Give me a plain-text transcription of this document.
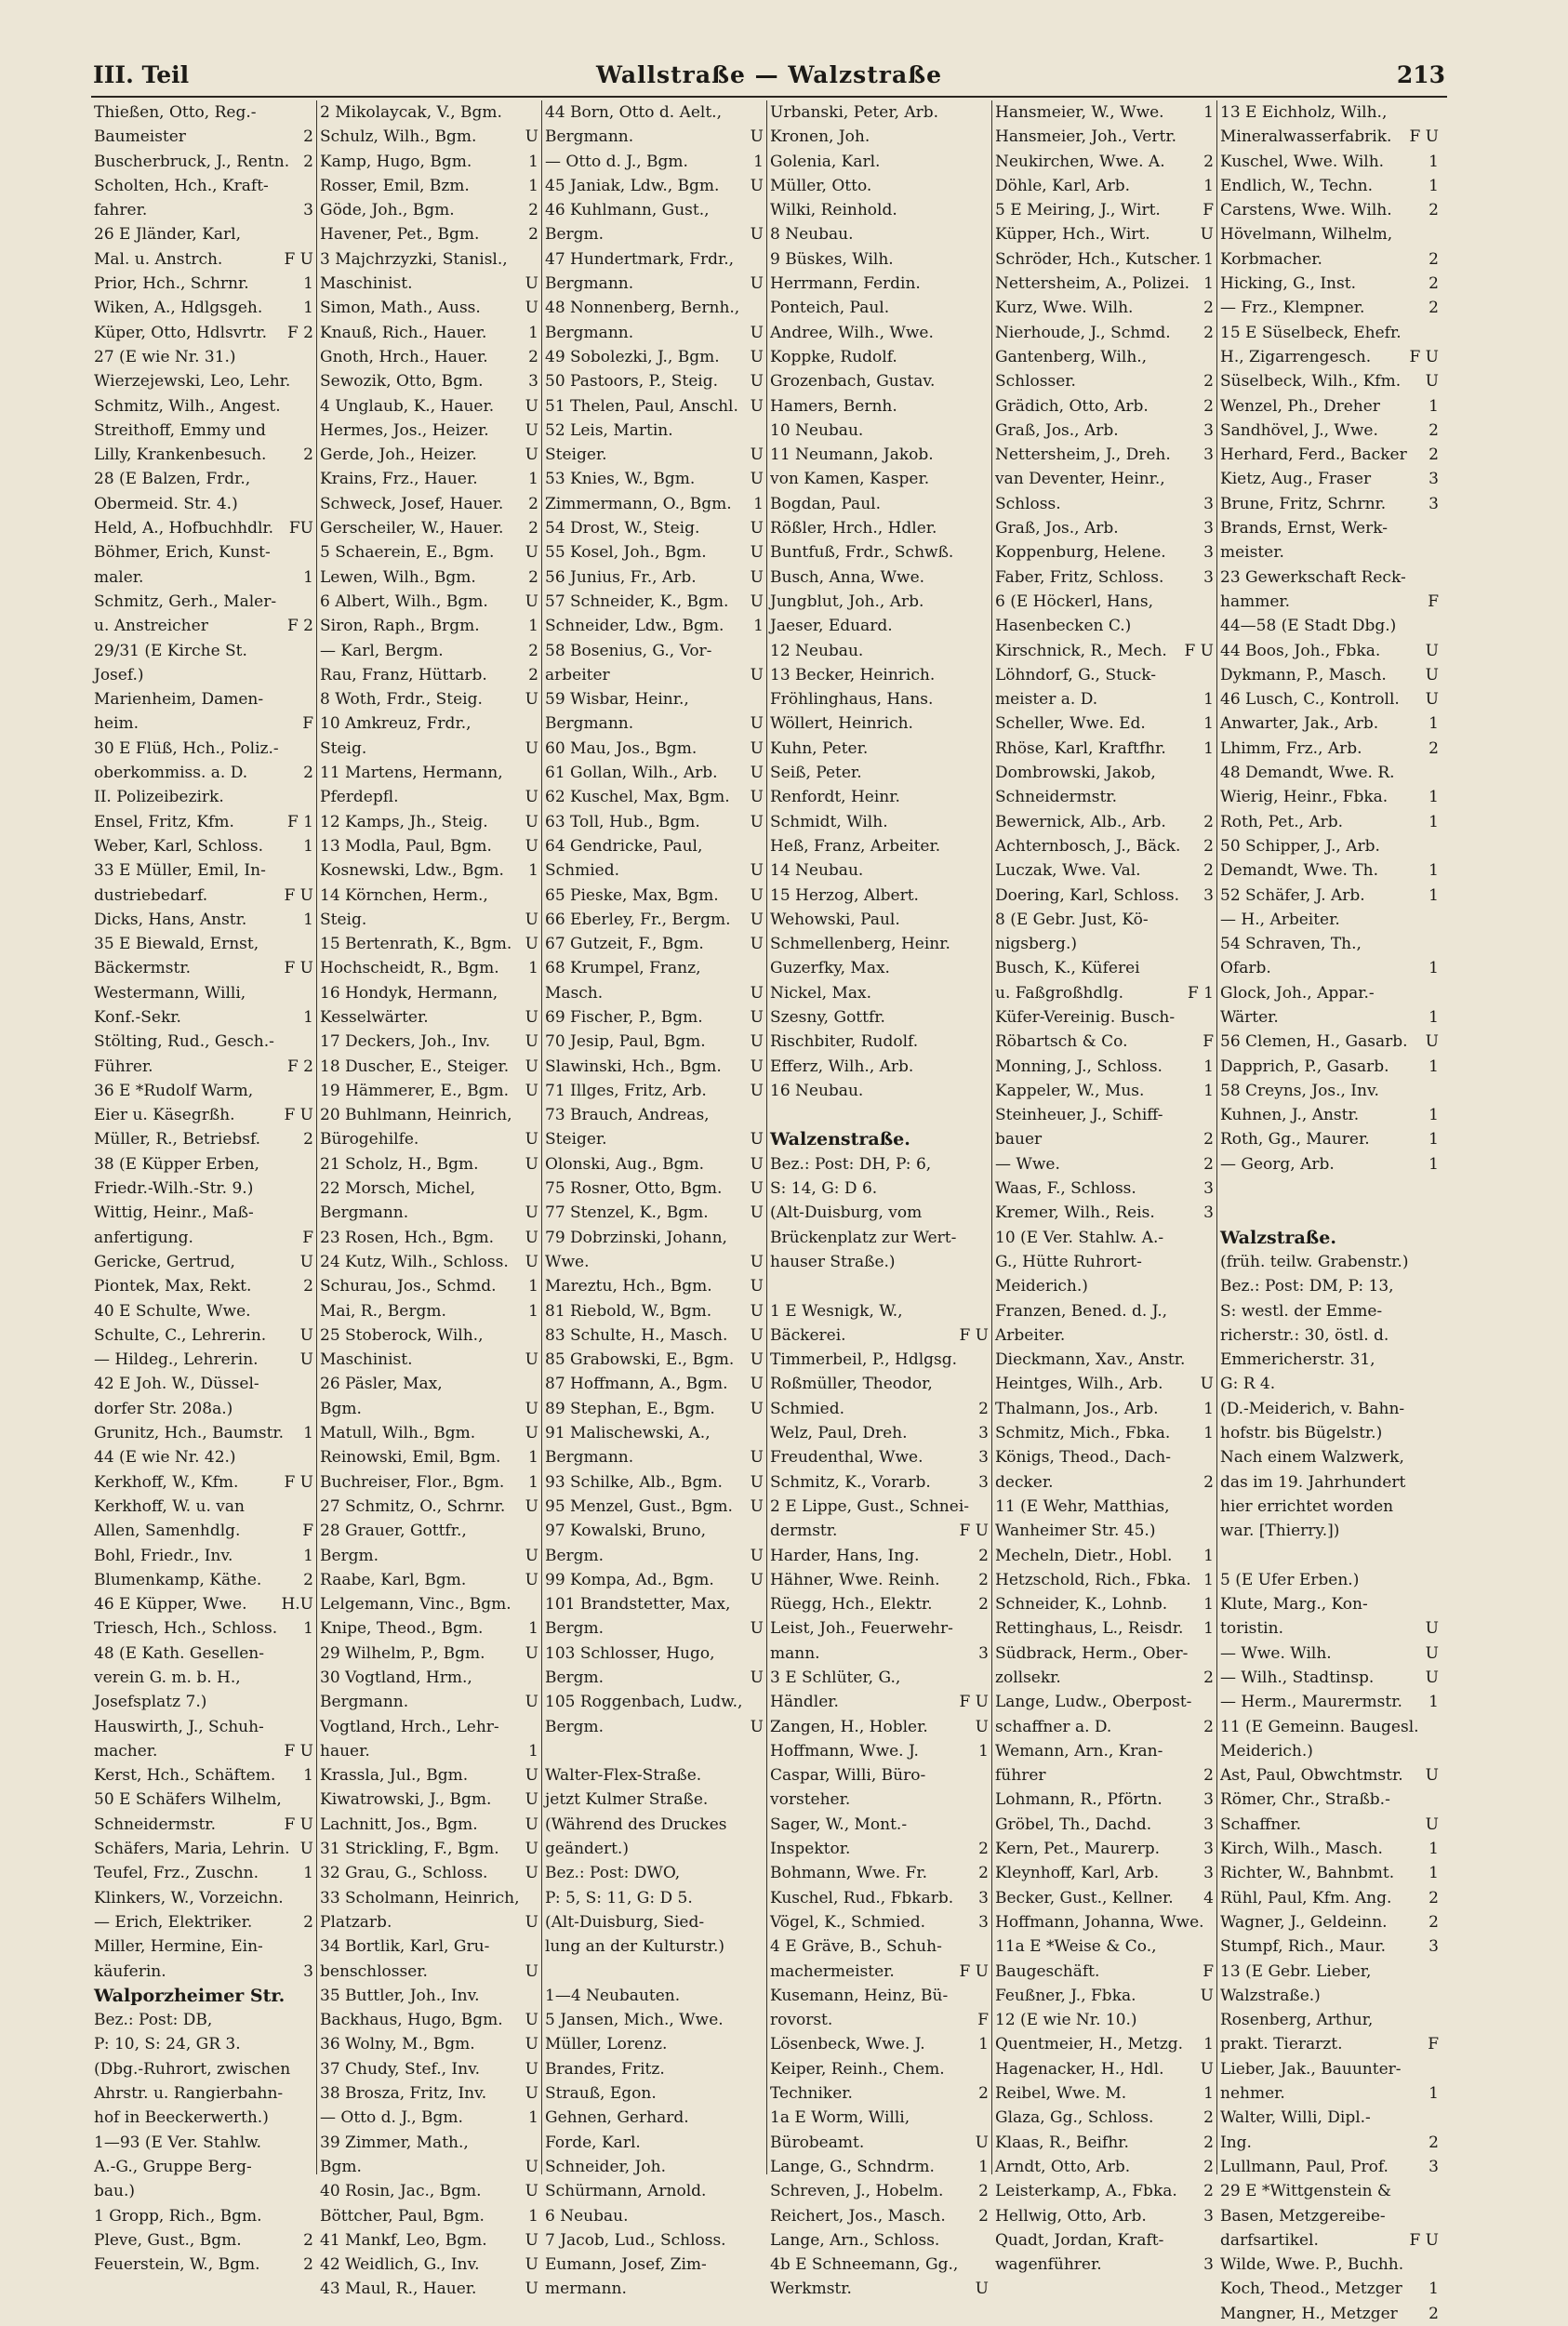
III. Teil	Wallstraße — Walzstraße	213
Thießen, Otto, Reg.-
Baumeister	2
Buscherbruck, J., Rentn. 2
Scholten, Hch., Kraft-
fahrer.	3
26 E Jländer, Karl,
Mal. u. Anstrch.	F U
Prior, Hch., Schrnr.	1
Wiken, A., Hdlgsgeh.	1
Küper, Otto, Hdlsvrtr.	F 2
27 (E wie Nr. 31.)
Wierzejewski, Leo, Lehr.
Schmitz, Wilh., Angest.
Streithoff, Emmy und
Lilly, Krankenbesuch.	2
28 (E Balzen, Frdr.,
Obermeid. Str. 4.)
Held, A., Hofbuchhdlr. FU
Böhmer, Erich, Kunst-
maler.	1
Schmitz, Gerh., Maler-
u. Anstreicher	F 2
29/31 (E Kirche St.
Josef.)
Marienheim, Damen-
heim.	F
30 E Flüß, Hch., Poliz.-
oberkommiss. a. D.	2
II. Polizeibezirk.
Ensel, Fritz, Kfm.	F 1
Weber, Karl, Schloss.	1
33 E Müller, Emil, In-
dustriebedarf.	F U
Dicks, Hans, Anstr.	1
35 E Biewald, Ernst,
Bäckermstr.	F U
Westermann, Willi,
Konf.-Sekr.	1
Stölting, Rud., Gesch.-
Führer.	F 2
36 E *Rudolf Warm,
Eier u. Käsegrßh.	F U
Müller, R., Betriebsf.	2
38 (E Küpper Erben,
Friedr.-Wilh.-Str. 9.)
Wittig, Heinr., Maß-
anfertigung.	F
Gericke, Gertrud,	U
Piontek, Max, Rekt.	2
40 E Schulte, Wwe.
Schulte, C., Lehrerin.	U
— Hildeg., Lehrerin.	U
42 E Joh. W., Düssel-
dorfer Str. 208a.)
Grunitz, Hch., Baumstr.	1
44 (E wie Nr. 42.)
Kerkhoff, W., Kfm.	F U
Kerkhoff, W. u. van
Allen, Samenhdlg.	F
Bohl, Friedr., Inv.	1
Blumenkamp, Käthe.	2
46 E Küpper, Wwe.	H.U
Triesch, Hch., Schloss.	1
48 (E Kath. Gesellen-
verein G. m. b. H.,
Josefsplatz 7.)
Hauswirth, J., Schuh-
macher.	F U
Kerst, Hch., Schäftem.	1
50 E Schäfers Wilhelm,
Schneidermstr.	F U
Schäfers, Maria, Lehrin. U
Teufel, Frz., Zuschn.	1
Klinkers, W., Vorzeichn.
— Erich, Elektriker.	2
Miller, Hermine, Ein-
käuferin.	3
Walporzheimer Str.
Bez.: Post: DB,
P: 10, S: 24, GR 3.
(Dbg.-Ruhrort, zwischen
Ahrstr. u. Rangierbahn-
hof in Beeckerwerth.)
1—93 (E Ver. Stahlw.
A.-G., Gruppe Berg-
bau.)
1 Gropp, Rich., Bgm.
Pleve, Gust., Bgm.	2
Feuerstein, W., Bgm.	2
2 Mikolaycak, V., Bgm.
Schulz, Wilh., Bgm.	U
Kamp, Hugo, Bgm.	1
Rosser, Emil, Bzm.	1
Göde, Joh., Bgm.	2
Havener, Pet., Bgm.	2
3 Majchrzyzki, Stanisl.,
Maschinist.	U
Simon, Math., Auss.	U
Knauß, Rich., Hauer.	1
Gnoth, Hrch., Hauer.	2
Sewozik, Otto, Bgm.	3
4 Unglaub, K., Hauer.	U
Hermes, Jos., Heizer.	U
Gerde, Joh., Heizer.	U
Krains, Frz., Hauer.	1
Schweck, Josef, Hauer.	2
Gerscheiler, W., Hauer.	2
5 Schaerein, E., Bgm.	U
Lewen, Wilh., Bgm.	2
6 Albert, Wilh., Bgm.	U
Siron, Raph., Brgm.	1
— Karl, Bergm.	2
Rau, Franz, Hüttarb.	2
8 Woth, Frdr., Steig.	U
10 Amkreuz, Frdr.,
Steig.	U
11 Martens, Hermann,
Pferdepfl.	U
12 Kamps, Jh., Steig.	U
13 Modla, Paul, Bgm.	U
Kosnewski, Ldw., Bgm.	1
14 Körnchen, Herm.,
Steig.	U
15 Bertenrath, K., Bgm. U
Hochscheidt, R., Bgm.	1
16 Hondyk, Hermann,
Kesselwärter.	U
17 Deckers, Joh., Inv.	U
18 Duscher, E., Steiger.	U
19 Hämmerer, E., Bgm.	U
20 Buhlmann, Heinrich,
Bürogehilfe.	U
21 Scholz, H., Bgm.	U
22 Morsch, Michel,
Bergmann.	U
23 Rosen, Hch., Bgm.	U
24 Kutz, Wilh., Schloss.	U
Schurau, Jos., Schmd.	1
Mai, R., Bergm.	1
25 Stoberock, Wilh.,
Maschinist.	U
26 Päsler, Max,
Bgm.	U
Matull, Wilh., Bgm.	U
Reinowski, Emil, Bgm.	1
Buchreiser, Flor., Bgm.	1
27 Schmitz, O., Schrnr.	U
28 Grauer, Gottfr.,
Bergm.	U
Raabe, Karl, Bgm.	U
Lelgemann, Vinc., Bgm.
Knipe, Theod., Bgm.	1
29 Wilhelm, P., Bgm.	U
30 Vogtland, Hrm.,
Bergmann.	U
Vogtland, Hrch., Lehr-
hauer.	1
Krassla, Jul., Bgm.	U
Kiwatrowski, J., Bgm.	U
Lachnitt, Jos., Bgm.	U
31 Strickling, F., Bgm.	U
32 Grau, G., Schloss.	U
33 Scholmann, Heinrich,
Platzarb.	U
34 Bortlik, Karl, Gru-
benschlosser.	U
35 Buttler, Joh., Inv.
Backhaus, Hugo, Bgm.	U
36 Wolny, M., Bgm.	U
37 Chudy, Stef., Inv.	U
38 Brosza, Fritz, Inv.	U
— Otto d. J., Bgm.	1
39 Zimmer, Math.,
Bgm.	U
40 Rosin, Jac., Bgm.	U
Böttcher, Paul, Bgm.	1
41 Mankf, Leo, Bgm.	U
42 Weidlich, G., Inv.	U
43 Maul, R., Hauer.	U
44 Born, Otto d. Aelt.,
Bergmann.	U
— Otto d. J., Bgm.	1
45 Janiak, Ldw., Bgm.	U
46 Kuhlmann, Gust.,
Bergm.	U
47 Hundertmark, Frdr.,
Bergmann.	U
48 Nonnenberg, Bernh.,
Bergmann.	U
49 Sobolezki, J., Bgm.	U
50 Pastoors, P., Steig.	U
51 Thelen, Paul, Anschl. U
52 Leis, Martin.
Steiger.	U
53 Knies, W., Bgm.	U
Zimmermann, O., Bgm.	1
54 Drost, W., Steig.	U
55 Kosel, Joh., Bgm.	U
56 Junius, Fr., Arb.	U
57 Schneider, K., Bgm.	U
Schneider, Ldw., Bgm.	1
58 Bosenius, G., Vor-
arbeiter	U
59 Wisbar, Heinr.,
Bergmann.	U
60 Mau, Jos., Bgm.	U
61 Gollan, Wilh., Arb.	U
62 Kuschel, Max, Bgm.	U
63 Toll, Hub., Bgm.	U
64 Gendricke, Paul,
Schmied.	U
65 Pieske, Max, Bgm.	U
66 Eberley, Fr., Bergm.	U
67 Gutzeit, F., Bgm.	U
68 Krumpel, Franz,
Masch.	U
69 Fischer, P., Bgm.	U
70 Jesip, Paul, Bgm.	U
Slawinski, Hch., Bgm.	U
71 Illges, Fritz, Arb.	U
73 Brauch, Andreas,
Steiger.	U
Olonski, Aug., Bgm.	U
75 Rosner, Otto, Bgm.	U
77 Stenzel, K., Bgm.	U
79 Dobrzinski, Johann,
Wwe.	U
Mareztu, Hch., Bgm.	U
81 Riebold, W., Bgm.	U
83 Schulte, H., Masch.	U
85 Grabowski, E., Bgm.	U
87 Hoffmann, A., Bgm.	U
89 Stephan, E., Bgm.	U
91 Malischewski, A.,
Bergmann.	U
93 Schilke, Alb., Bgm.	U
95 Menzel, Gust., Bgm.	U
97 Kowalski, Bruno,
Bergm.	U
99 Kompa, Ad., Bgm.	U
101 Brandstetter, Max,
Bergm.	U
103 Schlosser, Hugo,
Bergm.	U
105 Roggenbach, Ludw.,
Bergm.	U
Walter-Flex-Straße.
jetzt Kulmer Straße.
(Während des Druckes
geändert.)
Bez.: Post: DWO,
P: 5, S: 11, G: D 5.
(Alt-Duisburg, Sied-
lung an der Kulturstr.)
1—4 Neubauten.
5 Jansen, Mich., Wwe.
Müller, Lorenz.
Brandes, Fritz.
Strauß, Egon.
Gehnen, Gerhard.
Forde, Karl.
Schneider, Joh.
Schürmann, Arnold.
6 Neubau.
7 Jacob, Lud., Schloss.
Eumann, Josef, Zim-
mermann.
Urbanski, Peter, Arb.
Kronen, Joh.
Golenia, Karl.
Müller, Otto.
Wilki, Reinhold.
8 Neubau.
9 Büskes, Wilh.
Herrmann, Ferdin.
Ponteich, Paul.
Andree, Wilh., Wwe.
Koppke, Rudolf.
Grozenbach, Gustav.
Hamers, Bernh.
10 Neubau.
11 Neumann, Jakob.
von Kamen, Kasper.
Bogdan, Paul.
Rößler, Hrch., Hdler.
Buntfuß, Frdr., Schwß.
Busch, Anna, Wwe.
Jungblut, Joh., Arb.
Jaeser, Eduard.
12 Neubau.
13 Becker, Heinrich.
Fröhlinghaus, Hans.
Wöllert, Heinrich.
Kuhn, Peter.
Seiß, Peter.
Renfordt, Heinr.
Schmidt, Wilh.
Heß, Franz, Arbeiter.
14 Neubau.
15 Herzog, Albert.
Wehowski, Paul.
Schmellenberg, Heinr.
Guzerfky, Max.
Nickel, Max.
Szesny, Gottfr.
Rischbiter, Rudolf.
Efferz, Wilh., Arb.
16 Neubau.
Walzenstraße.
Bez.: Post: DH, P: 6,
S: 14, G: D 6.
(Alt-Duisburg, vom
Brückenplatz zur Wert-
hauser Straße.)
1 E Wesnigk, W.,
Bäckerei.	F U
Timmerbeil, P., Hdlgsg.
Roßmüller, Theodor,
Schmied.	2
Welz, Paul, Dreh.	3
Freudenthal, Wwe.	3
Schmitz, K., Vorarb.	3
2 E Lippe, Gust., Schnei-
dermstr.	F U
Harder, Hans, Ing.	2
Hähner, Wwe. Reinh.	2
Rüegg, Hch., Elektr.	2
Leist, Joh., Feuerwehr-
mann.	3
3 E Schlüter, G.,
Händler.	F U
Zangen, H., Hobler.	U
Hoffmann, Wwe. J.	1
Caspar, Willi, Büro-
vorsteher.
Sager, W., Mont.-
Inspektor.	2
Bohmann, Wwe. Fr.	2
Kuschel, Rud., Fbkarb.	3
Vögel, K., Schmied.	3
4 E Gräve, B., Schuh-
machermeister.	F U
Kusemann, Heinz, Bü-
rovorst.	F
Lösenbeck, Wwe. J.	1
Keiper, Reinh., Chem.
Techniker.	2
1a E Worm, Willi,
Bürobeamt.	U
Lange, G., Schndrm.	1
Schreven, J., Hobelm.	2
Reichert, Jos., Masch.	2
Lange, Arn., Schloss.
4b E Schneemann, Gg.,
Werkmstr.	U
Hansmeier, W., Wwe.	1
Hansmeier, Joh., Vertr.
Neukirchen, Wwe. A.	2
Döhle, Karl, Arb.	1
5 E Meiring, J., Wirt.	F
Küpper, Hch., Wirt.	U
Schröder, Hch., Kutscher. 1
Nettersheim, A., Polizei. 1
Kurz, Wwe. Wilh.	2
Nierhoude, J., Schmd.	2
Gantenberg, Wilh.,
Schlosser.	2
Grädich, Otto, Arb.	2
Graß, Jos., Arb.	3
Nettersheim, J., Dreh.	3
van Deventer, Heinr.,
Schloss.	3
Graß, Jos., Arb.	3
Koppenburg, Helene.	3
Faber, Fritz, Schloss.	3
6 (E Höckerl, Hans,
Hasenbecken C.)
Kirschnick, R., Mech.	F U
Löhndorf, G., Stuck-
meister a. D.	1
Scheller, Wwe. Ed.	1
Rhöse, Karl, Kraftfhr.	1
Dombrowski, Jakob,
Schneidermstr.
Bewernick, Alb., Arb.	2
Achternbosch, J., Bäck.	2
Luczak, Wwe. Val.	2
Doering, Karl, Schloss.	3
8 (E Gebr. Just, Kö-
nigsberg.)
Busch, K., Küferei
u. Faßgroßhdlg.	F 1
Küfer-Vereinig. Busch-
Röbartsch & Co.	F
Monning, J., Schloss.	1
Kappeler, W., Mus.	1
Steinheuer, J., Schiff-
bauer	2
— Wwe.	2
Waas, F., Schloss.	3
Kremer, Wilh., Reis.	3
10 (E Ver. Stahlw. A.-
G., Hütte Ruhrort-
Meiderich.)
Franzen, Bened. d. J.,
Arbeiter.
Dieckmann, Xav., Anstr.
Heintges, Wilh., Arb.	U
Thalmann, Jos., Arb.	1
Schmitz, Mich., Fbka.	1
Königs, Theod., Dach-
decker.	2
11 (E Wehr, Matthias,
Wanheimer Str. 45.)
Mecheln, Dietr., Hobl.	1
Hetzschold, Rich., Fbka. 1
Schneider, K., Lohnb.	1
Rettinghaus, L., Reisdr.	1
Südbrack, Herm., Ober-
zollsekr.	2
Lange, Ludw., Oberpost-
schaffner a. D.	2
Wemann, Arn., Kran-
führer	2
Lohmann, R., Pförtn.	3
Gröbel, Th., Dachd.	3
Kern, Pet., Maurerp.	3
Kleynhoff, Karl, Arb.	3
Becker, Gust., Kellner.	4
Hoffmann, Johanna, Wwe.
11a E *Weise & Co.,
Baugeschäft.	F
Feußner, J., Fbka.	U
12 (E wie Nr. 10.)
Quentmeier, H., Metzg.	1
Hagenacker, H., Hdl.	U
Reibel, Wwe. M.	1
Glaza, Gg., Schloss.	2
Klaas, R., Beifhr.	2
Arndt, Otto, Arb.	2
Leisterkamp, A., Fbka.	2
Hellwig, Otto, Arb.	3
Quadt, Jordan, Kraft-
wagenführer.	3
13 E Eichholz, Wilh.,
Mineralwasserfabrik.	F U
Kuschel, Wwe. Wilh.	1
Endlich, W., Techn.	1
Carstens, Wwe. Wilh.	2
Hövelmann, Wilhelm,
Korbmacher.	2
Hicking, G., Inst.	2
— Frz., Klempner.	2
15 E Süselbeck, Ehefr.
H., Zigarrengesch.	F U
Süselbeck, Wilh., Kfm.	U
Wenzel, Ph., Dreher	1
Sandhövel, J., Wwe.	2
Herhard, Ferd., Backer	2
Kietz, Aug., Fraser	3
Brune, Fritz, Schrnr.	3
Brands, Ernst, Werk-
meister.
23 Gewerkschaft Reck-
hammer.	F
44—58 (E Stadt Dbg.)
44 Boos, Joh., Fbka.	U
Dykmann, P., Masch.	U
46 Lusch, C., Kontroll.	U
Anwarter, Jak., Arb.	1
Lhimm, Frz., Arb.	2
48 Demandt, Wwe. R.
Wierig, Heinr., Fbka.	1
Roth, Pet., Arb.	1
50 Schipper, J., Arb.
Demandt, Wwe. Th.	1
52 Schäfer, J. Arb.	1
— H., Arbeiter.
54 Schraven, Th.,
Ofarb.	1
Glock, Joh., Appar.-
Wärter.	1
56 Clemen, H., Gasarb.	U
Dapprich, P., Gasarb.	1
58 Creyns, Jos., Inv.
Kuhnen, J., Anstr.	1
Roth, Gg., Maurer.	1
— Georg, Arb.	1
Walzstraße.
(früh. teilw. Grabenstr.)
Bez.: Post: DM, P: 13,
S: westl. der Emme-
richerstr.: 30, östl. d.
Emmericherstr. 31,
G: R 4.
(D.-Meiderich, v. Bahn-
hofstr. bis Bügelstr.)
Nach einem Walzwerk,
das im 19. Jahrhundert
hier errichtet worden
war. [Thierry.])
5 (E Ufer Erben.)
Klute, Marg., Kon-
toristin.	U
— Wwe. Wilh.	U
— Wilh., Stadtinsp.	U
— Herm., Maurermstr.	1
11 (E Gemeinn. Baugesl.
Meiderich.)
Ast, Paul, Obwchtmstr.	U
Römer, Chr., Straßb.-
Schaffner.	U
Kirch, Wilh., Masch.	1
Richter, W., Bahnbmt.	1
Rühl, Paul, Kfm. Ang.	2
Wagner, J., Geldeinn.	2
Stumpf, Rich., Maur.	3
13 (E Gebr. Lieber,
Walzstraße.)
Rosenberg, Arthur,
prakt. Tierarzt.	F
Lieber, Jak., Bauunter-
nehmer.	1
Walter, Willi, Dipl.-
Ing.	2
Lullmann, Paul, Prof.	3
29 E *Wittgenstein &
Basen, Metzgereibe-
darfsartikel.	F U
Wilde, Wwe. P., Buchh.
Koch, Theod., Metzger	1
Mangner, H., Metzger	2
